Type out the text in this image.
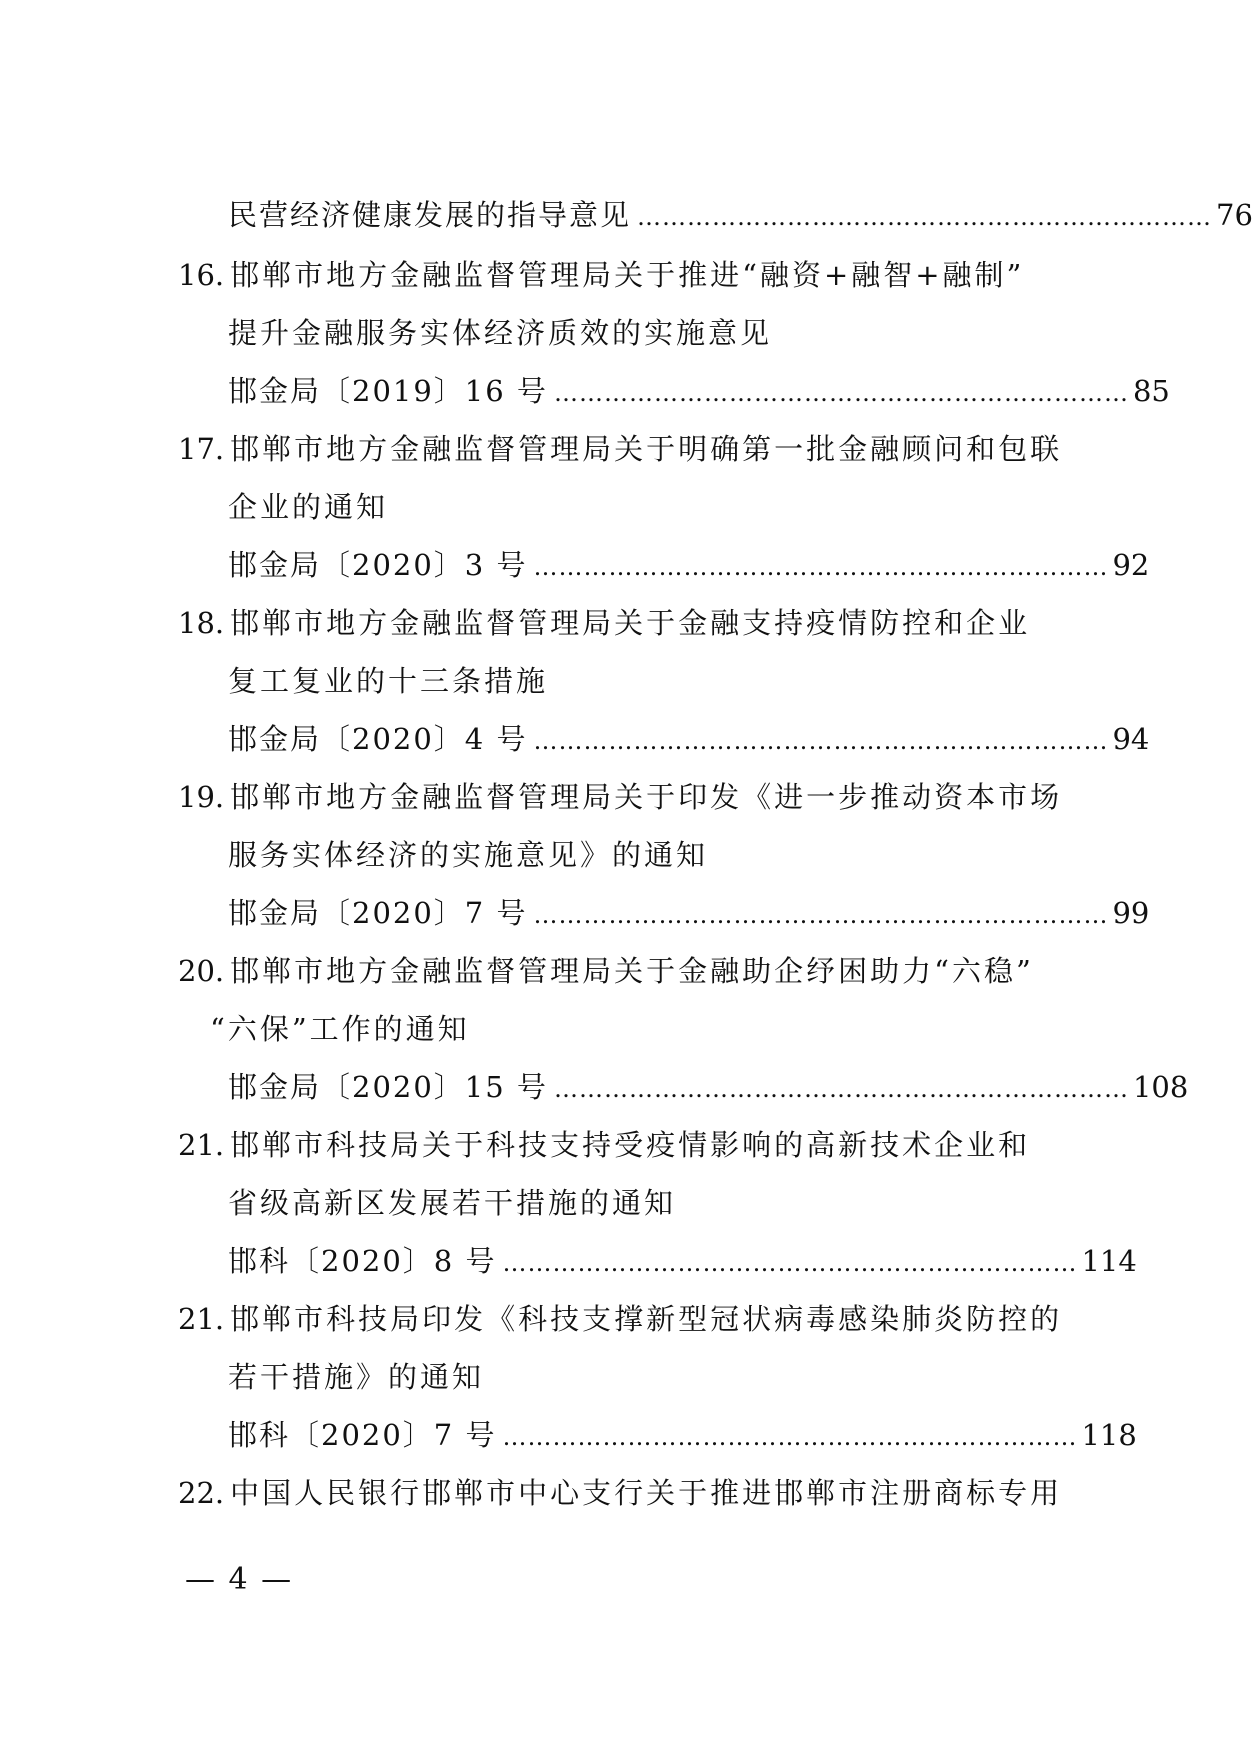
民营经济健康发展的指导意见 …………………………………………………………… 76
16. 邯郸市地方金融监督管理局关于推进“融资+融智+融制”
提升金融服务实体经济质效的实施意见
邯金局〔2019〕16 号 …………………………………………………………… 85
17. 邯郸市地方金融监督管理局关于明确第一批金融顾问和包联
企业的通知
邯金局〔2020〕3 号 …………………………………………………………… 92
18. 邯郸市地方金融监督管理局关于金融支持疫情防控和企业
复工复业的十三条措施
邯金局〔2020〕4 号 …………………………………………………………… 94
19. 邯郸市地方金融监督管理局关于印发《进一步推动资本市场
服务实体经济的实施意见》的通知
邯金局〔2020〕7 号 …………………………………………………………… 99
20. 邯郸市地方金融监督管理局关于金融助企纾困助力“六稳”
“六保”工作的通知
邯金局〔2020〕15 号 …………………………………………………………… 108
21. 邯郸市科技局关于科技支持受疫情影响的高新技术企业和
省级高新区发展若干措施的通知
邯科〔2020〕8 号 …………………………………………………………… 114
21. 邯郸市科技局印发《科技支撑新型冠状病毒感染肺炎防控的
若干措施》的通知
邯科〔2020〕7 号 …………………………………………………………… 118
22. 中国人民银行邯郸市中心支行关于推进邯郸市注册商标专用
— 4 —
